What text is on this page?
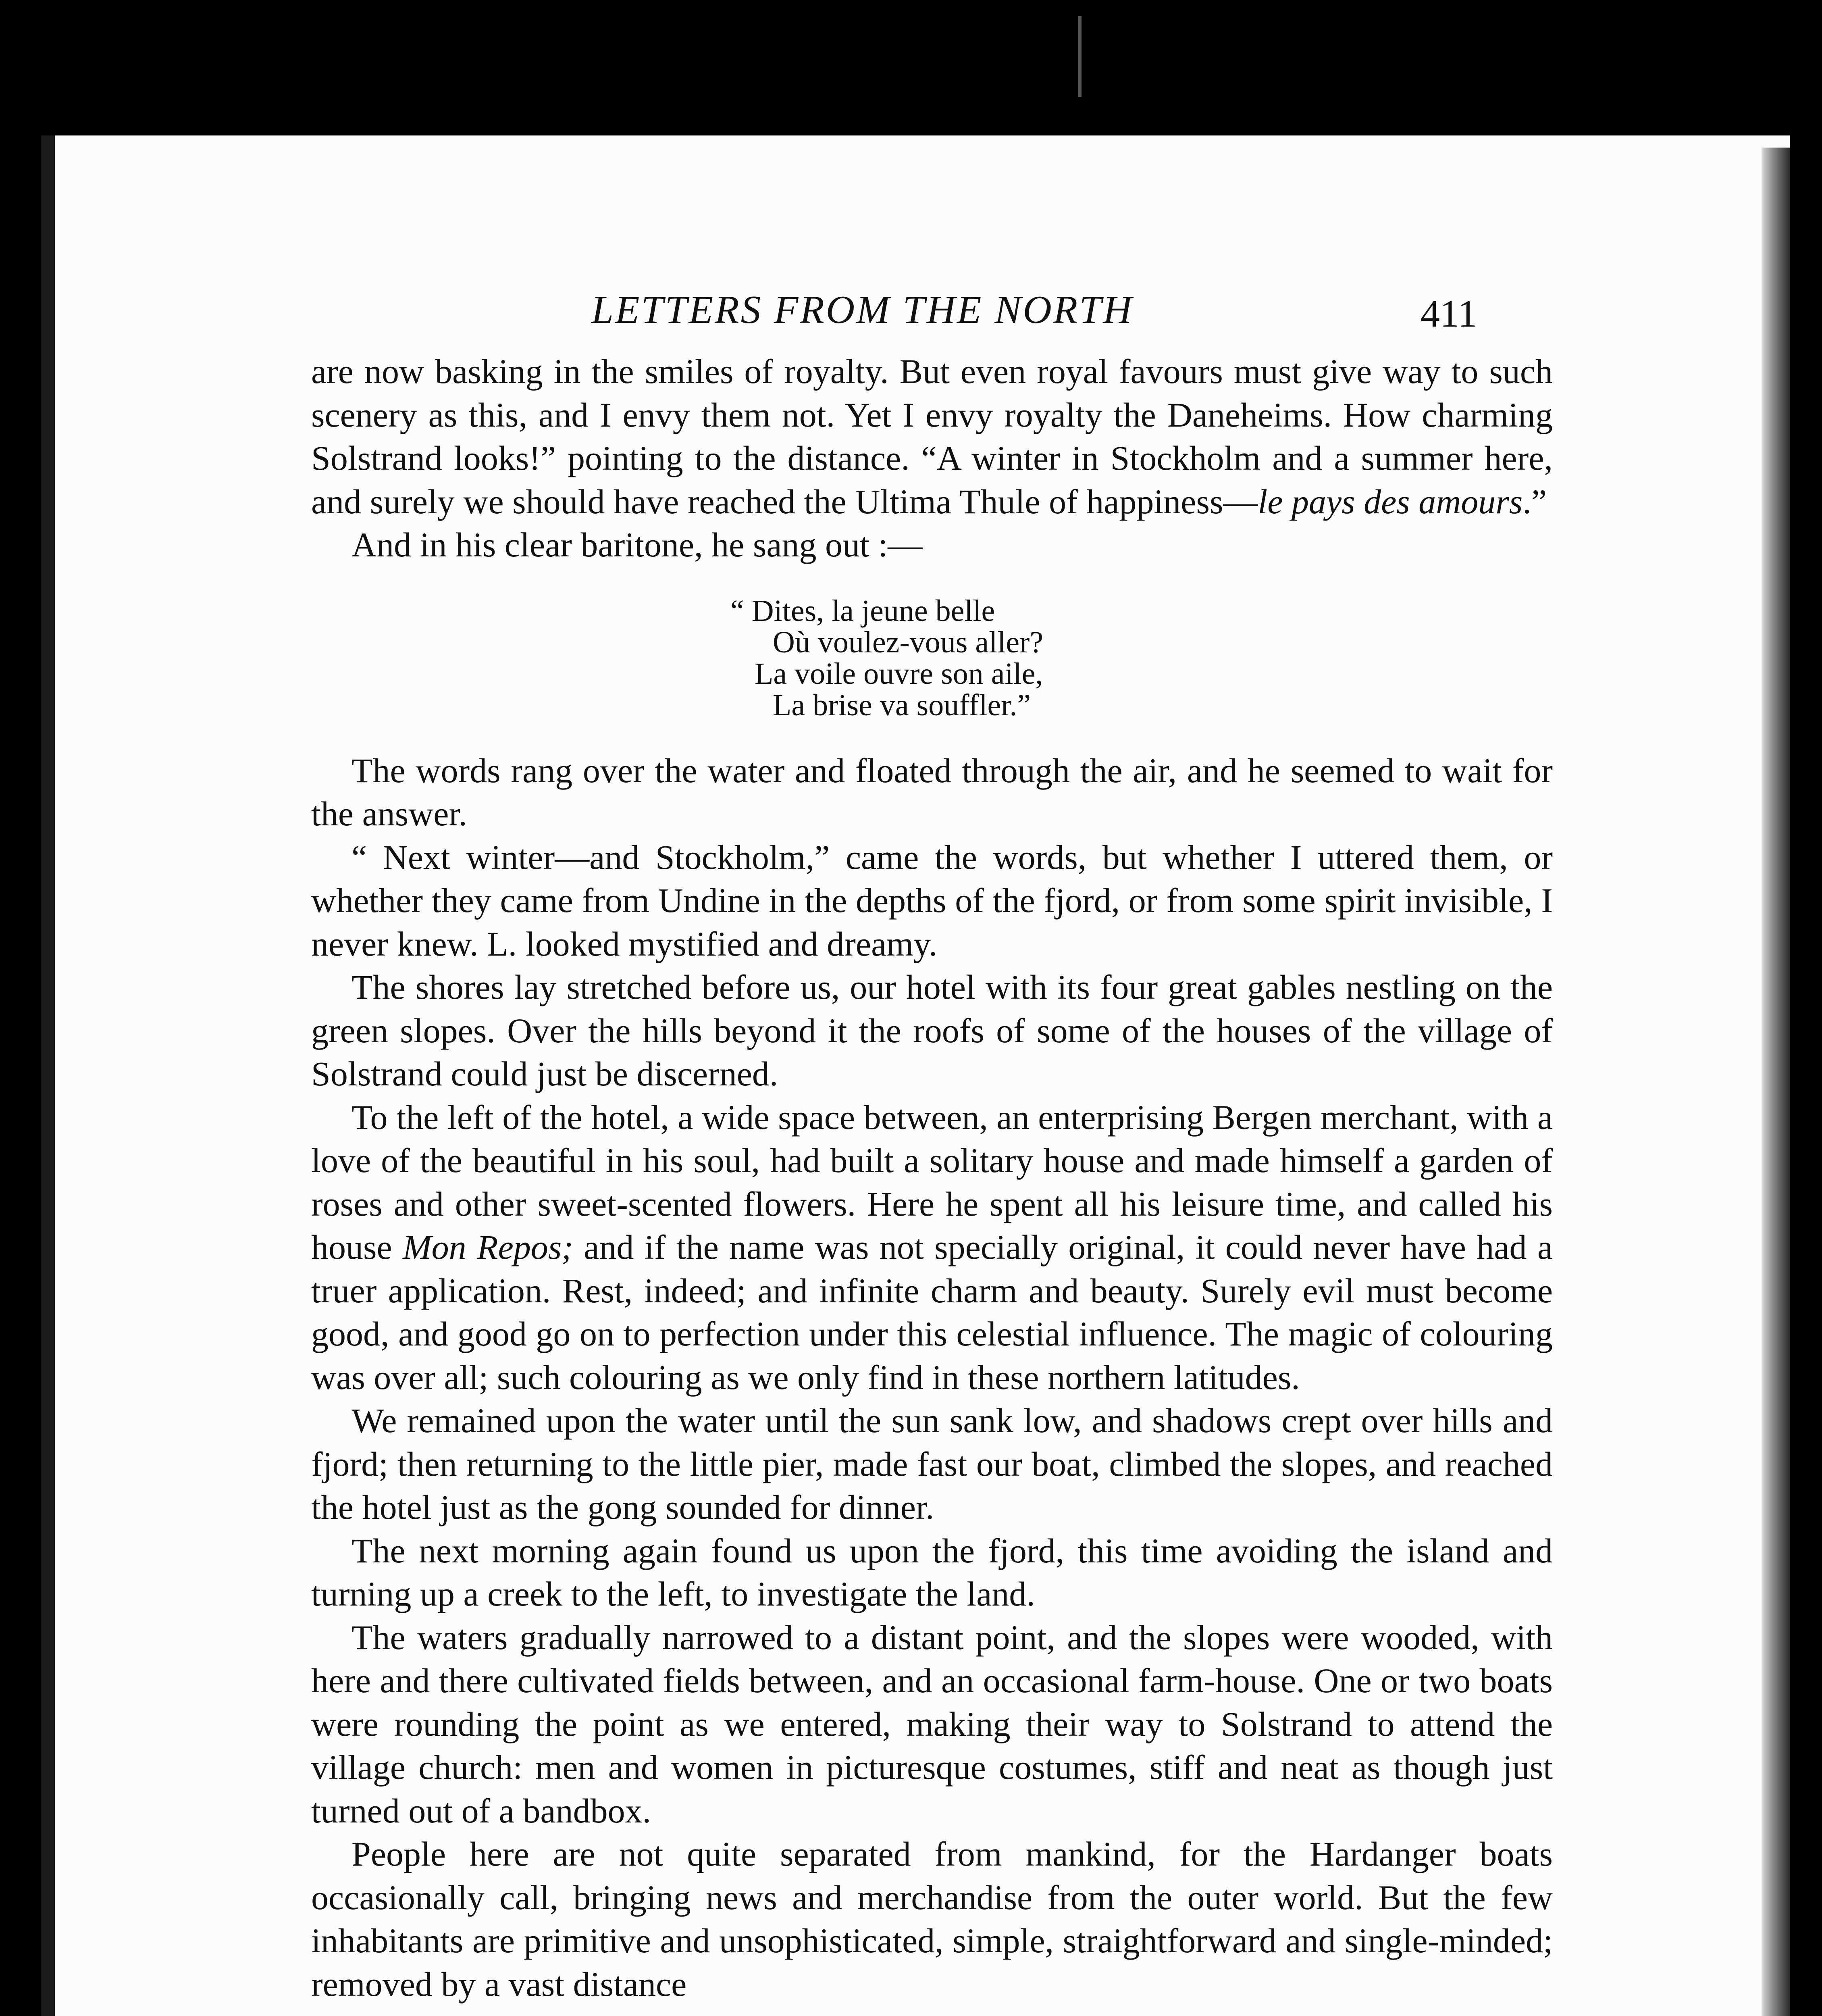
LETTERS FROM THE NORTH	411

are now basking in the smiles of royalty. But even royal favours must give way to such scenery as this, and I envy them not. Yet I envy royalty the Daneheims. How charming Solstrand looks!” pointing to the distance. “A winter in Stockholm and a summer here, and surely we should have reached the Ultima Thule of happiness—le pays des amours.”

And in his clear baritone, he sang out :—

“ Dites, la jeune belle
Où voulez-vous aller?
La voile ouvre son aile,
La brise va souffler.”

The words rang over the water and floated through the air, and he seemed to wait for the answer.

“ Next winter—and Stockholm,” came the words, but whether I uttered them, or whether they came from Undine in the depths of the fjord, or from some spirit invisible, I never knew. L. looked mystified and dreamy.

The shores lay stretched before us, our hotel with its four great gables nestling on the green slopes. Over the hills beyond it the roofs of some of the houses of the village of Solstrand could just be discerned.

To the left of the hotel, a wide space between, an enterprising Bergen merchant, with a love of the beautiful in his soul, had built a solitary house and made himself a garden of roses and other sweet-scented flowers. Here he spent all his leisure time, and called his house Mon Repos; and if the name was not specially original, it could never have had a truer application. Rest, indeed; and infinite charm and beauty. Surely evil must become good, and good go on to perfection under this celestial influence. The magic of colouring was over all; such colouring as we only find in these northern latitudes.

We remained upon the water until the sun sank low, and shadows crept over hills and fjord; then returning to the little pier, made fast our boat, climbed the slopes, and reached the hotel just as the gong sounded for dinner.

The next morning again found us upon the fjord, this time avoiding the island and turning up a creek to the left, to investigate the land.

The waters gradually narrowed to a distant point, and the slopes were wooded, with here and there cultivated fields between, and an occasional farm-house. One or two boats were rounding the point as we entered, making their way to Solstrand to attend the village church: men and women in picturesque costumes, stiff and neat as though just turned out of a bandbox.

People here are not quite separated from mankind, for the Hardanger boats occasionally call, bringing news and merchandise from the outer world. But the few inhabitants are primitive and unsophisticated, simple, straightforward and single-minded; removed by a vast distance
